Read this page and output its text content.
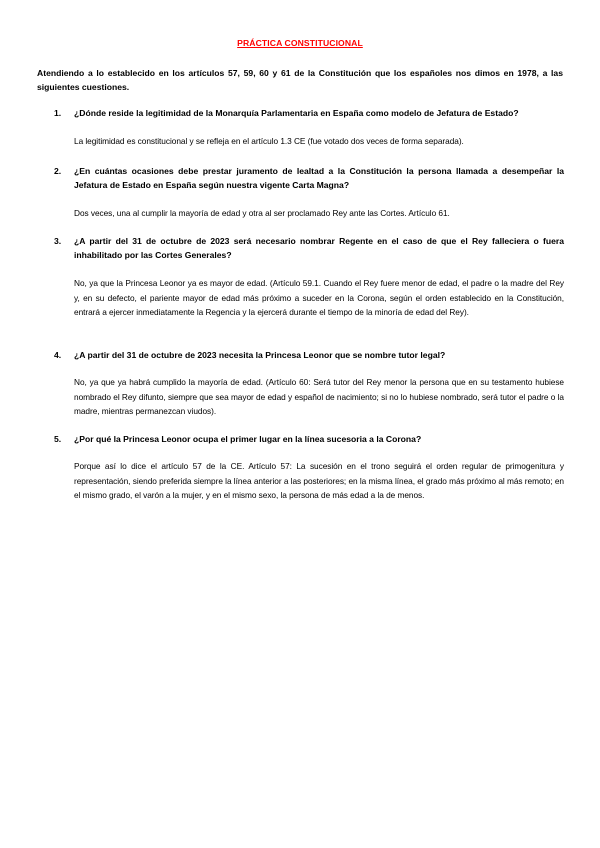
PRÁCTICA CONSTITUCIONAL
Atendiendo a lo establecido en los artículos 57, 59, 60 y 61 de la Constitución que los españoles nos dimos en 1978, a las siguientes cuestiones.
1.	¿Dónde reside la legitimidad de la Monarquía Parlamentaria en España como modelo de Jefatura de Estado?
La legitimidad es constitucional y se refleja en el artículo 1.3 CE (fue votado dos veces de forma separada).
2.	¿En cuántas ocasiones debe prestar juramento de lealtad a la Constitución la persona llamada a desempeñar la Jefatura de Estado en España según nuestra vigente Carta Magna?
Dos veces, una al cumplir la mayoría de edad y otra al ser proclamado Rey ante las Cortes. Artículo 61.
3.	¿A partir del 31 de octubre de 2023 será necesario nombrar Regente en el caso de que el Rey falleciera o fuera inhabilitado por las Cortes Generales?
No, ya que la Princesa Leonor ya es mayor de edad. (Artículo 59.1. Cuando el Rey fuere menor de edad, el padre o la madre del Rey y, en su defecto, el pariente mayor de edad más próximo a suceder en la Corona, según el orden establecido en la Constitución, entrará a ejercer inmediatamente la Regencia y la ejercerá durante el tiempo de la minoría de edad del Rey).
4.	¿A partir del 31 de octubre de 2023 necesita la Princesa Leonor que se nombre tutor legal?
No, ya que ya habrá cumplido la mayoría de edad. (Artículo 60: Será tutor del Rey menor la persona que en su testamento hubiese nombrado el Rey difunto, siempre que sea mayor de edad y español de nacimiento; si no lo hubiese nombrado, será tutor el padre o la madre, mientras permanezcan viudos).
5.	¿Por qué la Princesa Leonor ocupa el primer lugar en la línea sucesoria a la Corona?
Porque así lo dice el artículo 57 de la CE. Artículo 57: La sucesión en el trono seguirá el orden regular de primogenitura y representación, siendo preferida siempre la línea anterior a las posteriores; en la misma línea, el grado más próximo al más remoto; en el mismo grado, el varón a la mujer, y en el mismo sexo, la persona de más edad a la de menos.
